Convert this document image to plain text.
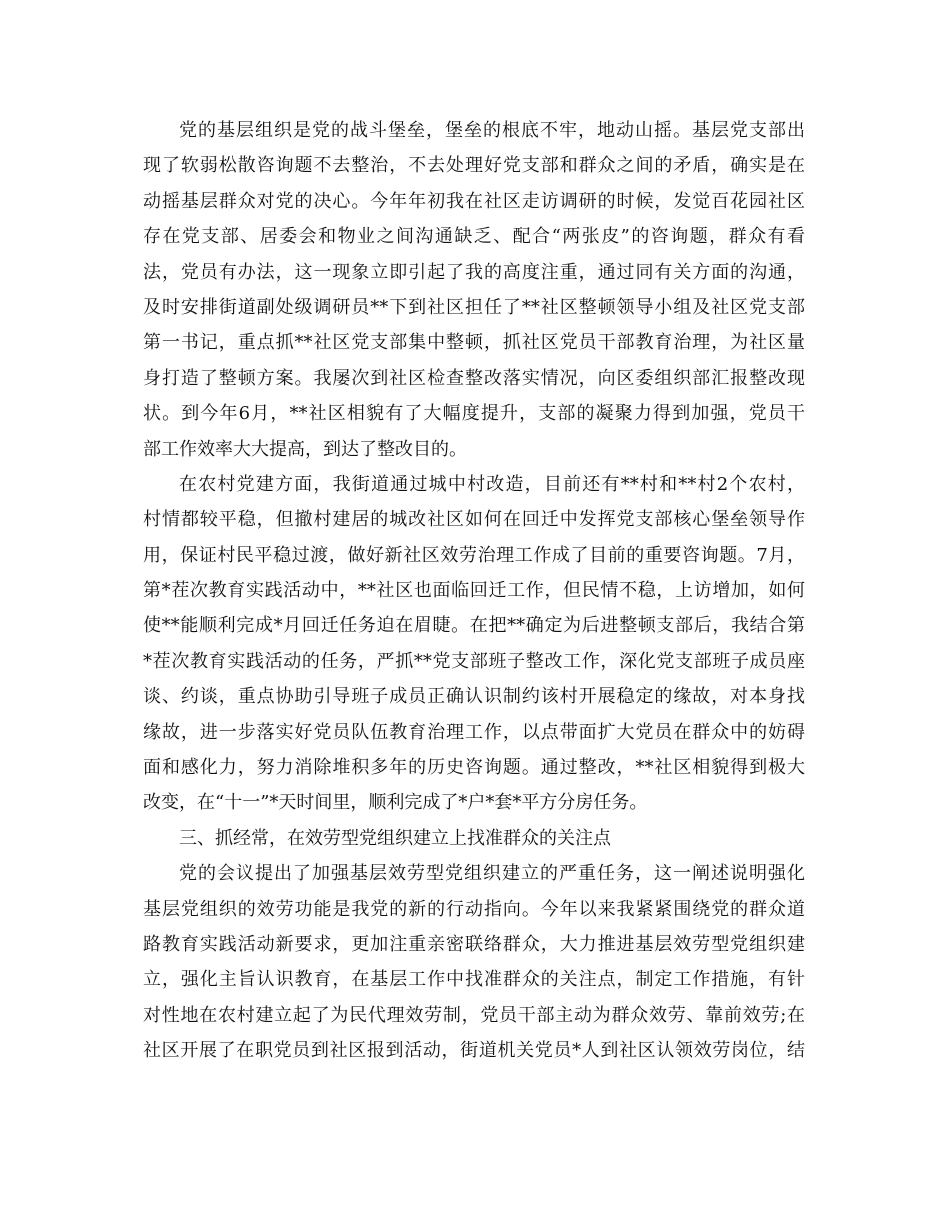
党的基层组织是党的战斗堡垒，堡垒的根底不牢，地动山摇。基层党支部出
现了软弱松散咨询题不去整治，不去处理好党支部和群众之间的矛盾，确实是在
动摇基层群众对党的决心。今年年初我在社区走访调研的时候，发觉百花园社区
存在党支部、居委会和物业之间沟通缺乏、配合“两张皮”的咨询题，群众有看
法，党员有办法，这一现象立即引起了我的高度注重，通过同有关方面的沟通，
及时安排街道副处级调研员**下到社区担任了**社区整顿领导小组及社区党支部
第一书记，重点抓**社区党支部集中整顿，抓社区党员干部教育治理，为社区量
身打造了整顿方案。我屡次到社区检查整改落实情况，向区委组织部汇报整改现
状。到今年6月，**社区相貌有了大幅度提升，支部的凝聚力得到加强，党员干
部工作效率大大提高，到达了整改目的。
在农村党建方面，我街道通过城中村改造，目前还有**村和**村2个农村，
村情都较平稳，但撤村建居的城改社区如何在回迁中发挥党支部核心堡垒领导作
用，保证村民平稳过渡，做好新社区效劳治理工作成了目前的重要咨询题。7月，
第*茬次教育实践活动中，**社区也面临回迁工作，但民情不稳，上访增加，如何
使**能顺利完成*月回迁任务迫在眉睫。在把**确定为后进整顿支部后，我结合第
*茬次教育实践活动的任务，严抓**党支部班子整改工作，深化党支部班子成员座
谈、约谈，重点协助引导班子成员正确认识制约该村开展稳定的缘故，对本身找
缘故，进一步落实好党员队伍教育治理工作，以点带面扩大党员在群众中的妨碍
面和感化力，努力消除堆积多年的历史咨询题。通过整改，**社区相貌得到极大
改变，在“十一”*天时间里，顺利完成了*户*套*平方分房任务。
三、抓经常，在效劳型党组织建立上找准群众的关注点
党的会议提出了加强基层效劳型党组织建立的严重任务，这一阐述说明强化
基层党组织的效劳功能是我党的新的行动指向。今年以来我紧紧围绕党的群众道
路教育实践活动新要求，更加注重亲密联络群众，大力推进基层效劳型党组织建
立，强化主旨认识教育，在基层工作中找准群众的关注点，制定工作措施，有针
对性地在农村建立起了为民代理效劳制，党员干部主动为群众效劳、靠前效劳;在
社区开展了在职党员到社区报到活动，街道机关党员*人到社区认领效劳岗位，结
